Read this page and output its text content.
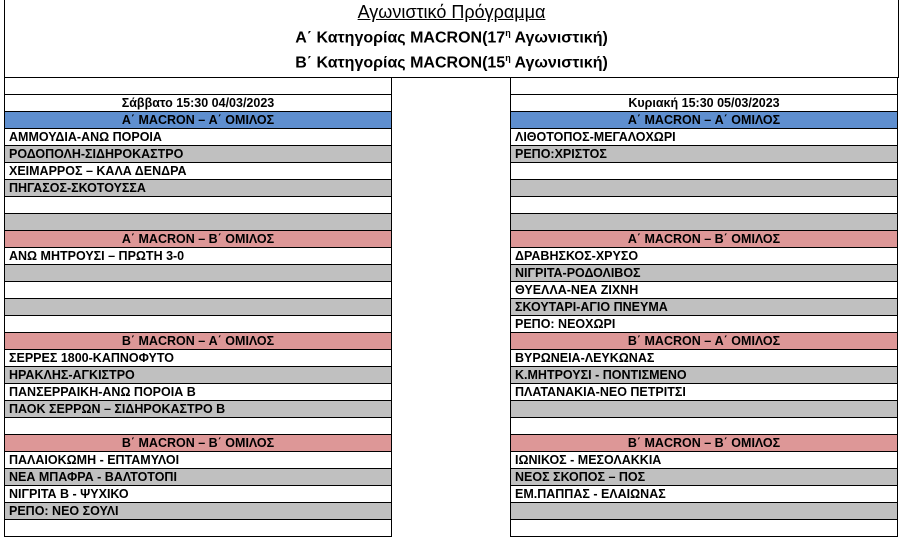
Αγωνιστικό Πρόγραμμα
Α΄ Κατηγορίας $MACRON(17^\eta$ Αγωνιστική)
Β΄ Κατηγορίας $MACRON(15^\eta$ Αγωνιστική)
Σάββατο 15:30 04/03/2023
Α΄ MACRON – Α΄ ΟΜΙΛΟΣ
ΑΜΜΟΥΔΙΑ-ΑΝΩ ΠΟΡΟΙΑ
ΡΟΔΟΠΟΛΗ-ΣΙΔΗΡΟΚΑΣΤΡΟ
ΧΕΙΜΑΡΡΟΣ – ΚΑΛΑ ΔΕΝΔΡΑ
ΠΗΓΑΣΟΣ-ΣΚΟΤΟΥΣΣΑ
Α΄ MACRON – Β΄ ΟΜΙΛΟΣ
ΑΝΩ ΜΗΤΡΟΥΣΙ – ΠΡΩΤΗ 3-0
Β΄ MACRON – Α΄ ΟΜΙΛΟΣ
ΣΕΡΡΕΣ 1800-ΚΑΠΝΟΦΥΤΟ
ΗΡΑΚΛΗΣ-ΑΓΚΙΣΤΡΟ
ΠΑΝΣΕΡΡΑΙΚΗ-ΑΝΩ ΠΟΡΟΙΑ Β
ΠΑΟΚ ΣΕΡΡΩΝ – ΣΙΔΗΡΟΚΑΣΤΡΟ Β
Β΄ MACRON – Β΄ ΟΜΙΛΟΣ
ΠΑΛΑΙΟΚΩΜΗ - ΕΠΤΑΜΥΛΟΙ
ΝΕΑ ΜΠΑΦΡΑ - ΒΑΛΤΟΤΟΠΙ
ΝΙΓΡΙΤΑ Β - ΨΥΧΙΚΟ
ΡΕΠΟ: ΝΕΟ ΣΟΥΛΙ
Κυριακή 15:30 05/03/2023
Α΄ MACRON – Α΄ ΟΜΙΛΟΣ
ΛΙΘΟΤΟΠΟΣ-ΜΕΓΑΛΟΧΩΡΙ
ΡΕΠΟ:ΧΡΙΣΤΟΣ
Α΄ MACRON – Β΄ ΟΜΙΛΟΣ
ΔΡΑΒΗΣΚΟΣ-ΧΡΥΣΟ
ΝΙΓΡΙΤΑ-ΡΟΔΟΛΙΒΟΣ
ΘΥΕΛΛΑ-ΝΕΑ ΖΙΧΝΗ
ΣΚΟΥΤΑΡΙ-ΑΓΙΟ ΠΝΕΥΜΑ
ΡΕΠΟ: ΝΕΟΧΩΡΙ
Β΄ MACRON – Α΄ ΟΜΙΛΟΣ
ΒΥΡΩΝΕΙΑ-ΛΕΥΚΩΝΑΣ
Κ.ΜΗΤΡΟΥΣΙ - ΠΟΝΤΙΣΜΕΝΟ
ΠΛΑΤΑΝΑΚΙΑ-ΝΕΟ ΠΕΤΡΙΤΣΙ
Β΄ MACRON – Β΄ ΟΜΙΛΟΣ
ΙΩΝΙΚΟΣ - ΜΕΣΟΛΑΚΚΙΑ
ΝΕΟΣ ΣΚΟΠΟΣ – ΠΟΣ
ΕΜ.ΠΑΠΠΑΣ - ΕΛΑΙΩΝΑΣ
